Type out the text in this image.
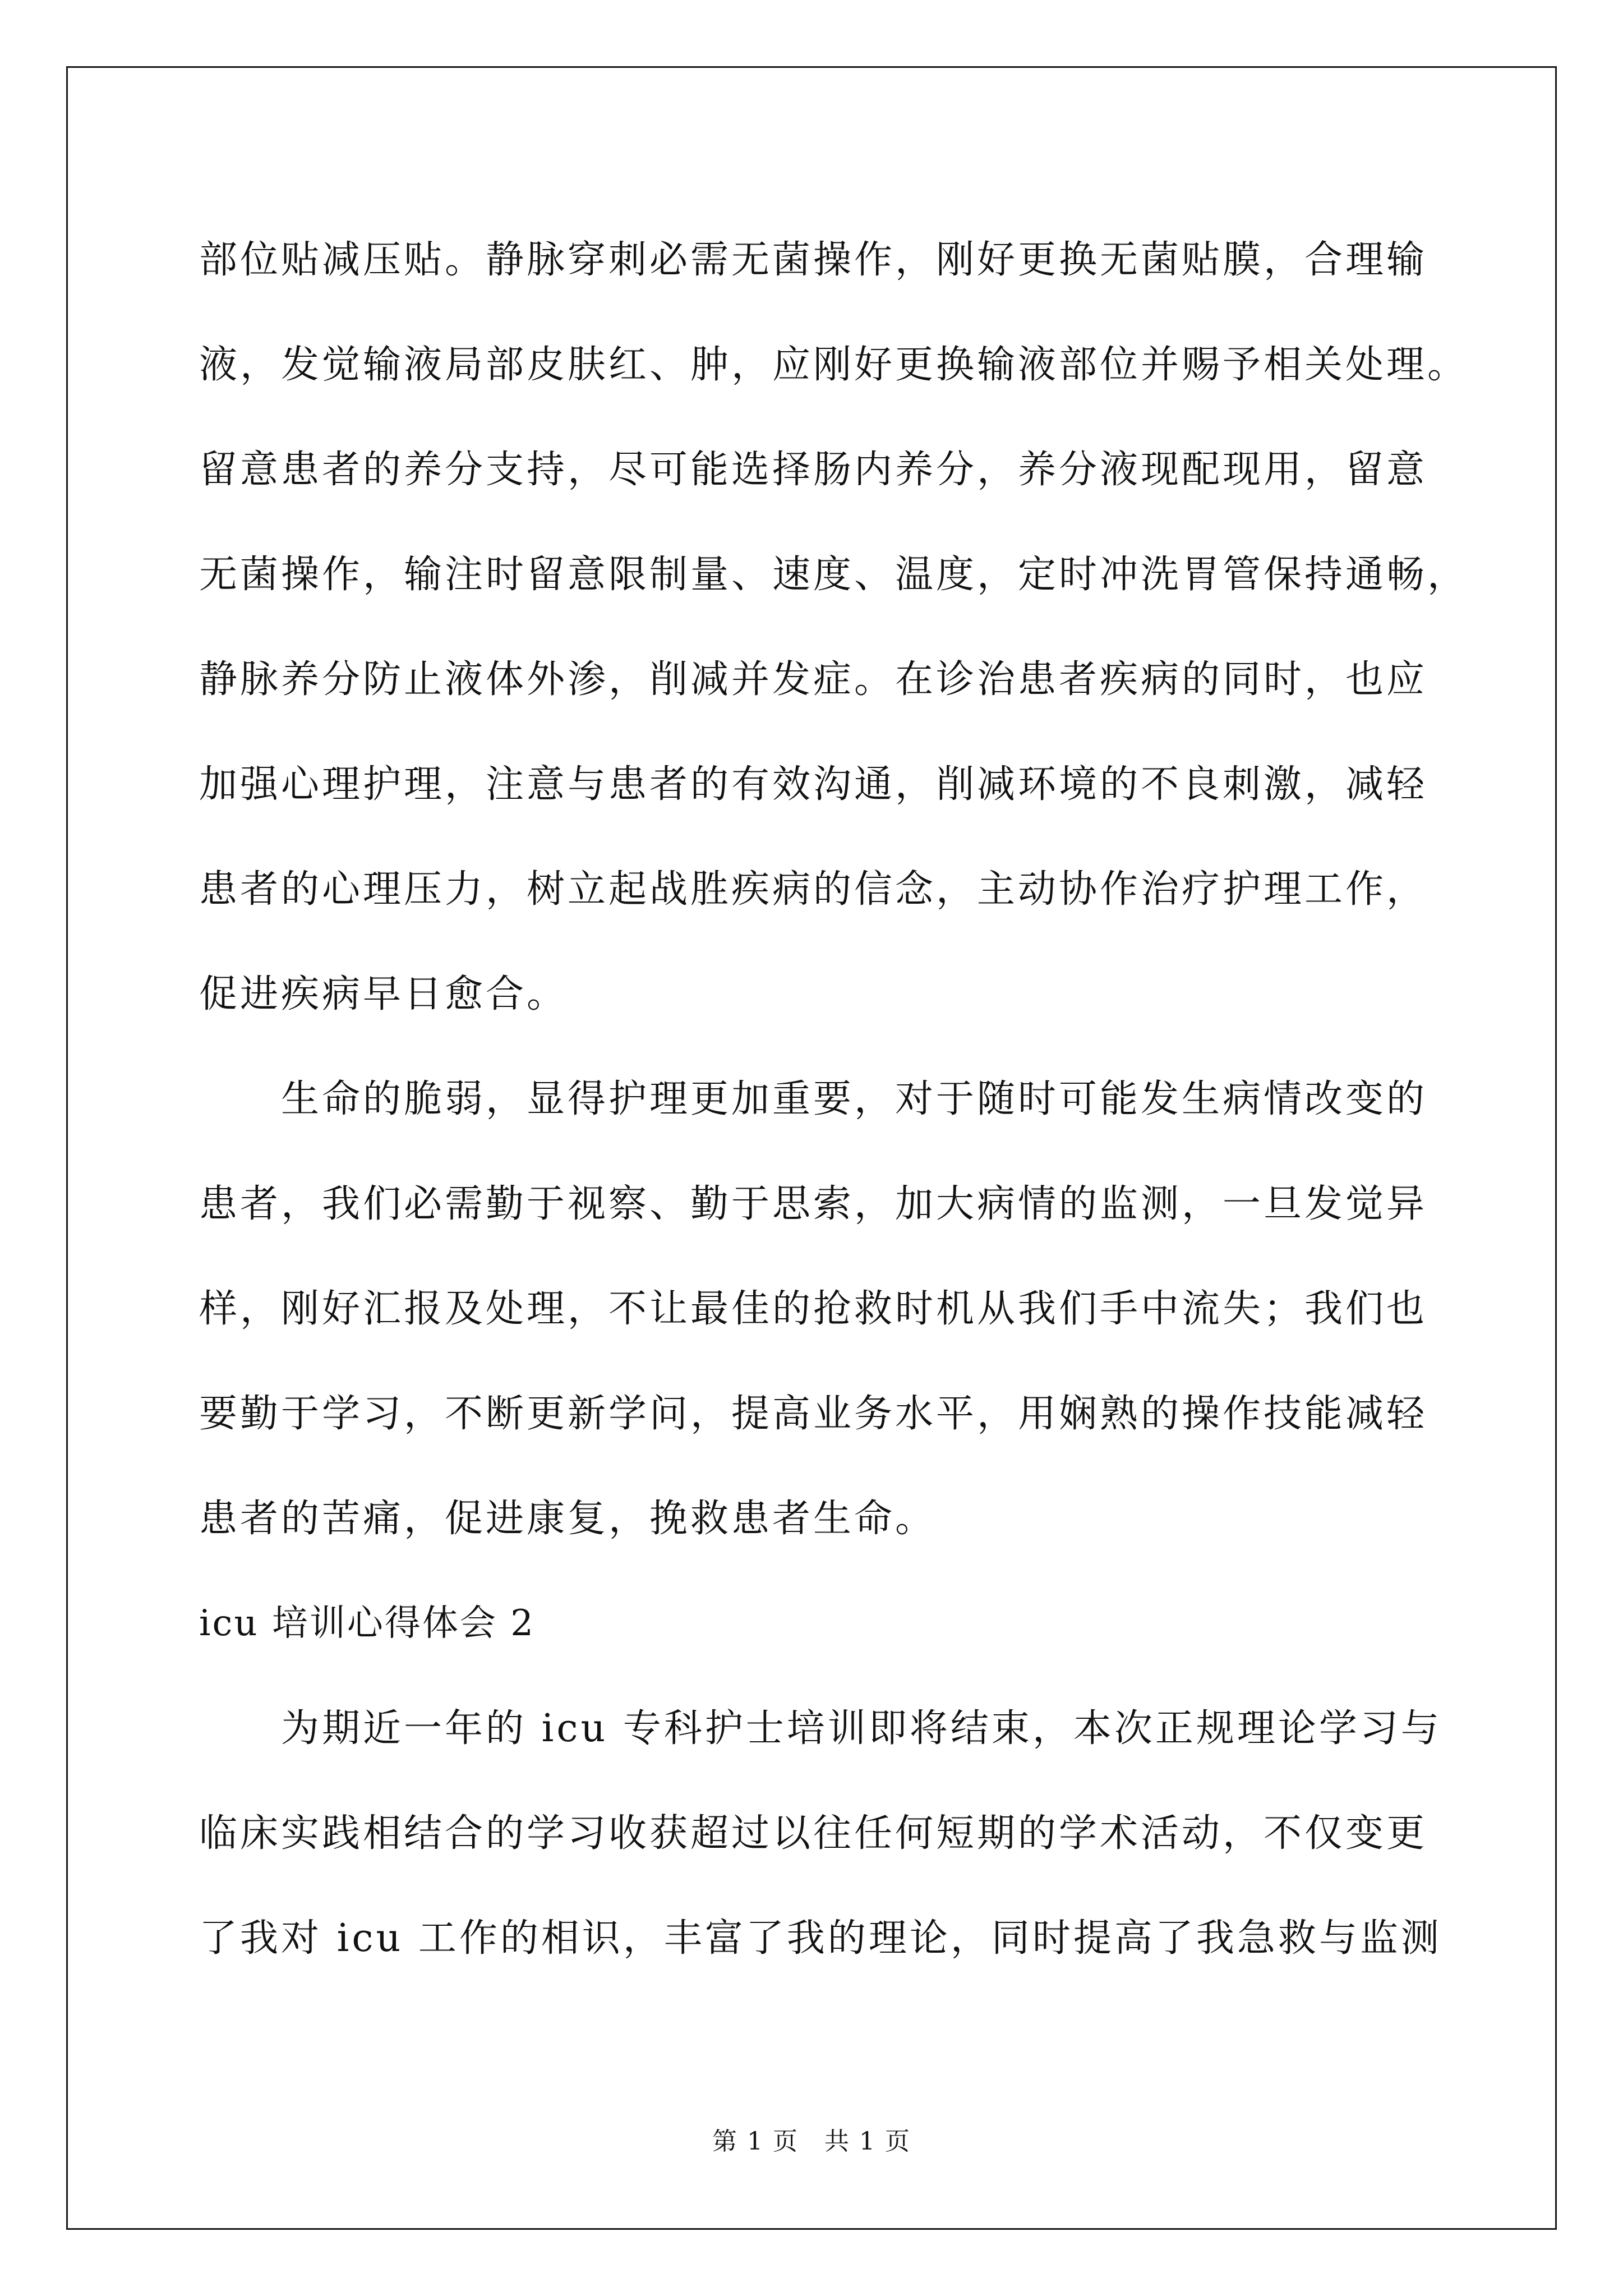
部位贴减压贴。静脉穿刺必需无菌操作，刚好更换无菌贴膜，合理输
液，发觉输液局部皮肤红、肿，应刚好更换输液部位并赐予相关处理。
留意患者的养分支持，尽可能选择肠内养分，养分液现配现用，留意
无菌操作，输注时留意限制量、速度、温度，定时冲洗胃管保持通畅，
静脉养分防止液体外渗，削减并发症。在诊治患者疾病的同时，也应
加强心理护理，注意与患者的有效沟通，削减环境的不良刺激，减轻
患者的心理压力，树立起战胜疾病的信念，主动协作治疗护理工作，
促进疾病早日愈合。
生命的脆弱，显得护理更加重要，对于随时可能发生病情改变的
患者，我们必需勤于视察、勤于思索，加大病情的监测，一旦发觉异
样，刚好汇报及处理，不让最佳的抢救时机从我们手中流失；我们也
要勤于学习，不断更新学问，提高业务水平，用娴熟的操作技能减轻
患者的苦痛，促进康复，挽救患者生命。
icu 培训心得体会 2
为期近一年的 icu 专科护士培训即将结束，本次正规理论学习与
临床实践相结合的学习收获超过以往任何短期的学术活动，不仅变更
了我对 icu 工作的相识，丰富了我的理论，同时提高了我急救与监测
第 1 页　共 1 页
